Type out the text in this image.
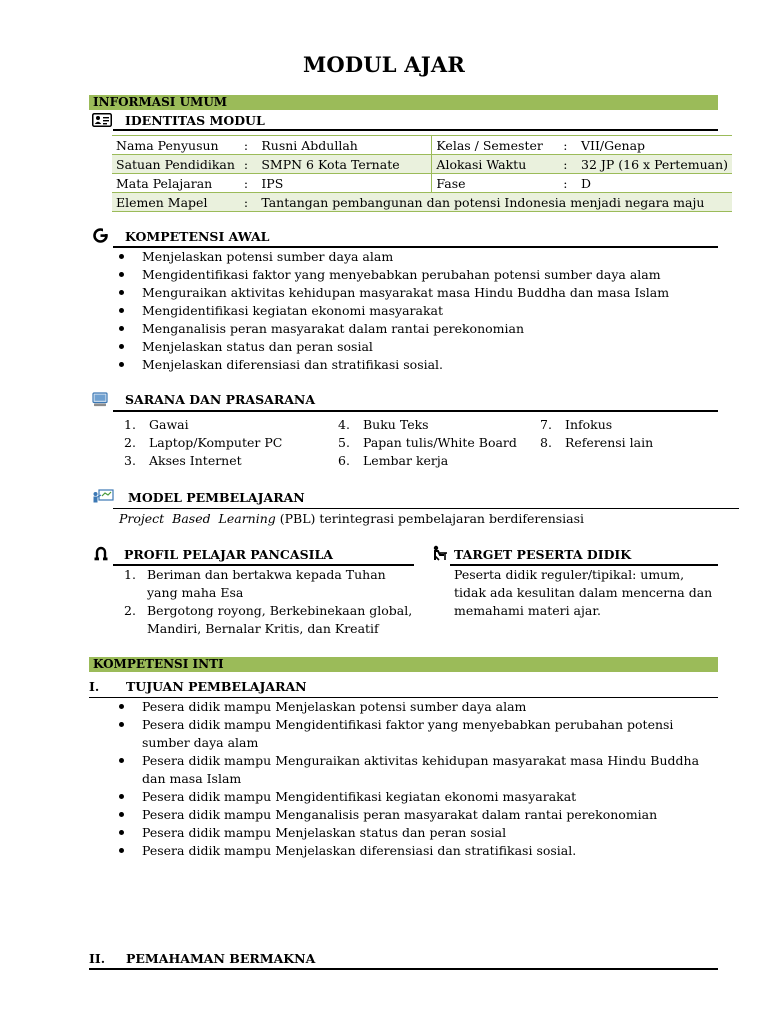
MODUL AJAR
INFORMASI UMUM
IDENTITAS MODUL
Nama Penyusun	:	Rusni Abdullah	Kelas / Semester	:	VII/Genap
Satuan Pendidikan	:	SMPN 6 Kota Ternate	Alokasi Waktu	:	32 JP (16 x Pertemuan)
Mata Pelajaran	:	IPS	Fase	:	D
Elemen Mapel	:	Tantangan pembangunan dan potensi Indonesia menjadi negara maju			
KOMPETENSI AWAL
Menjelaskan potensi sumber daya alam
Mengidentifikasi faktor yang menyebabkan perubahan potensi sumber daya alam
Menguraikan aktivitas kehidupan masyarakat masa Hindu Buddha dan masa Islam
Mengidentifikasi kegiatan ekonomi masyarakat
Menganalisis peran masyarakat dalam rantai perekonomian
Menjelaskan status dan peran sosial
Menjelaskan diferensiasi dan stratifikasi sosial.
SARANA DAN PRASARANA
1. Gawai
2. Laptop/Komputer PC
3. Akses Internet
4. Buku Teks
5. Papan tulis/White Board
6. Lembar kerja
7. Infokus
8. Referensi lain
MODEL PEMBELAJARAN
Project  Based  Learning (PBL) terintegrasi pembelajaran berdiferensiasi
PROFIL PELAJAR PANCASILA
1. Beriman dan bertakwa kepada Tuhan yang maha Esa
2. Bergotong royong, Berkebinekaan global, Mandiri, Bernalar Kritis, dan Kreatif
TARGET PESERTA DIDIK
Peserta didik reguler/tipikal: umum, tidak ada kesulitan dalam mencerna dan memahami materi ajar.
KOMPETENSI INTI
I. TUJUAN PEMBELAJARAN
Pesera didik mampu Menjelaskan potensi sumber daya alam
Pesera didik mampu Mengidentifikasi faktor yang menyebabkan perubahan potensi sumber daya alam
Pesera didik mampu Menguraikan aktivitas kehidupan masyarakat masa Hindu Buddha dan masa Islam
Pesera didik mampu Mengidentifikasi kegiatan ekonomi masyarakat
Pesera didik mampu Menganalisis peran masyarakat dalam rantai perekonomian
Pesera didik mampu Menjelaskan status dan peran sosial
Pesera didik mampu Menjelaskan diferensiasi dan stratifikasi sosial.
II. PEMAHAMAN BERMAKNA
